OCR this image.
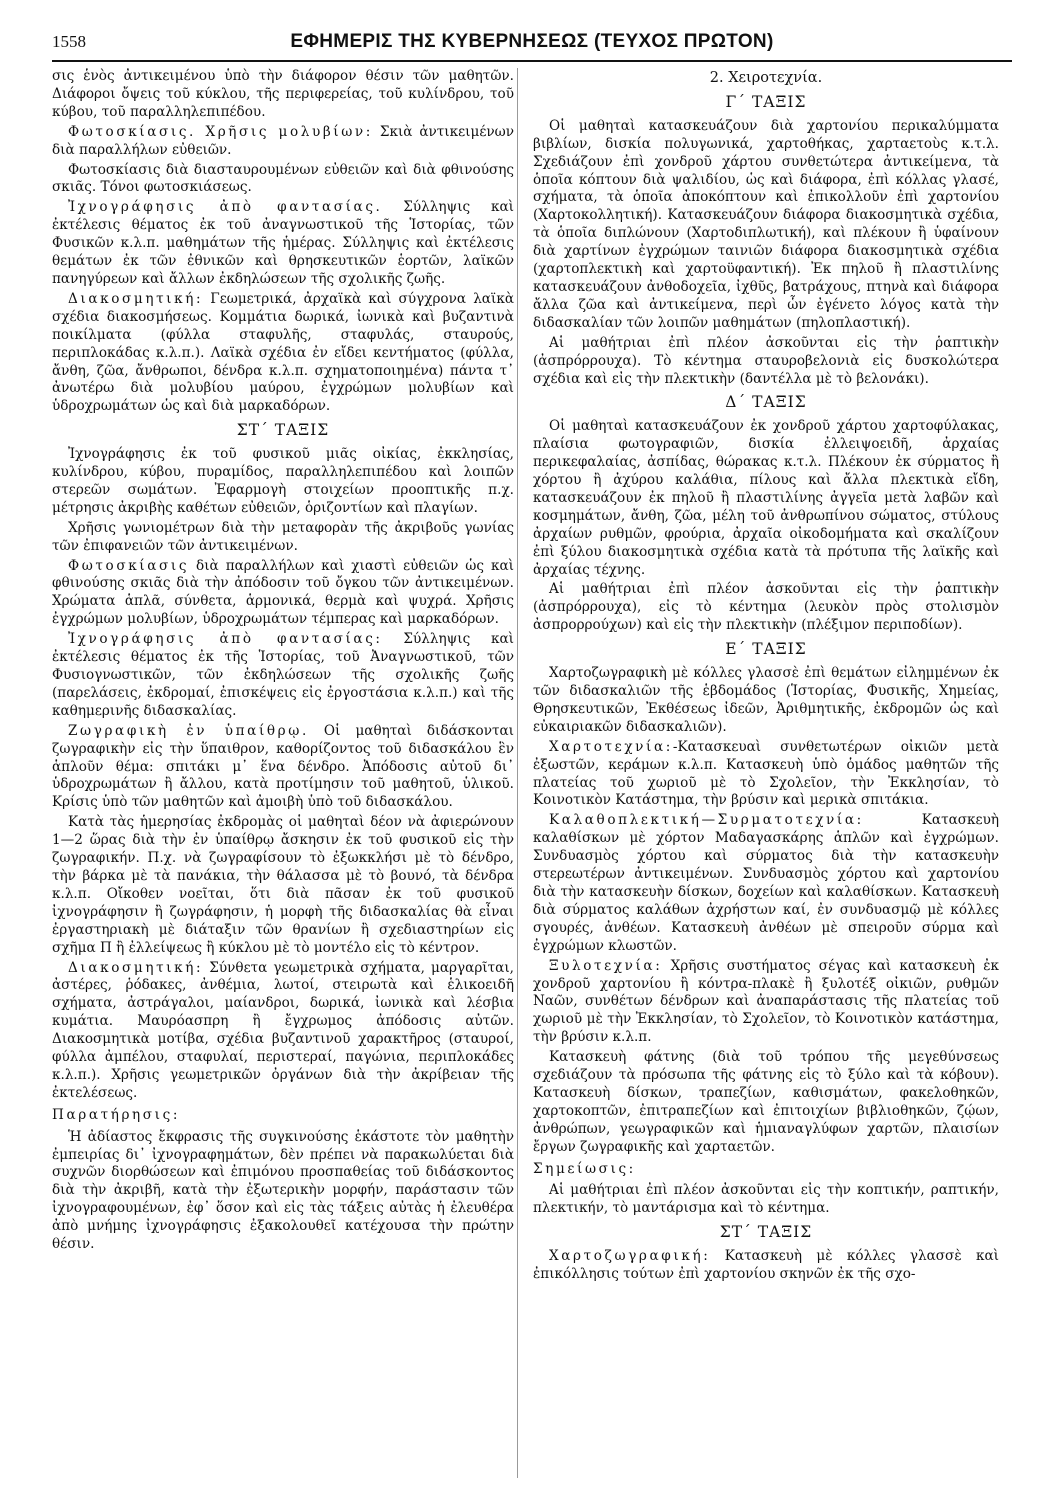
1558	ΕΦΗΜΕΡΙΣ ΤΗΣ ΚΥΒΕΡΝΗΣΕΩΣ (ΤΕΥΧΟΣ ΠΡΩΤΟΝ)

σις ἑνὸς ἀντικειμένου ὑπὸ τὴν διάφορον θέσιν τῶν μαθητῶν. Διάφοροι ὄψεις τοῦ κύκλου, τῆς περιφερείας, τοῦ κυλίνδρου, τοῦ κύβου, τοῦ παραλληλεπιπέδου.

Φωτοσκίασις. Χρῆσις μολυβίων: Σκιὰ ἀντικειμένων διὰ παραλλήλων εὐθειῶν.

Φωτοσκίασις διὰ διασταυρουμένων εὐθειῶν καὶ διὰ φθινούσης σκιᾶς. Τόνοι φωτοσκιάσεως.

Ἰχνογράφησις ἀπὸ φαντασίας. Σύλληψις καὶ ἐκτέλεσις θέματος ἐκ τοῦ ἀναγνωστικοῦ τῆς Ἱστορίας, τῶν Φυσικῶν κ.λ.π. μαθημάτων τῆς ἡμέρας. Σύλληψις καὶ ἐκτέλεσις θεμάτων ἐκ τῶν ἐθνικῶν καὶ θρησκευτικῶν ἑορτῶν, λαϊκῶν πανηγύρεων καὶ ἄλλων ἐκδηλώσεων τῆς σχολικῆς ζωῆς.

Διακοσμητική: Γεωμετρικά, ἀρχαϊκὰ καὶ σύγχρονα λαϊκὰ σχέδια διακοσμήσεως. Κομμάτια δωρικά, ἰωνικὰ καὶ βυζαντινὰ ποικίλματα (φύλλα σταφυλῆς, σταφυλάς, σταυρούς, περιπλοκάδας κ.λ.π.). Λαϊκὰ σχέδια ἐν εἴδει κεντήματος (φύλλα, ἄνθη, ζῶα, ἄνθρωποι, δένδρα κ.λ.π. σχηματοποιημένα) πάντα τ᾽ ἀνωτέρω διὰ μολυβίου μαύρου, ἐγχρώμων μολυβίων καὶ ὑδροχρωμάτων ὡς καὶ διὰ μαρκαδόρων.

ΣΤ΄ ΤΑΞΙΣ

Ἰχνογράφησις ἐκ τοῦ φυσικοῦ μιᾶς οἰκίας, ἐκκλησίας, κυλίνδρου, κύβου, πυραμίδος, παραλληλεπιπέδου καὶ λοιπῶν στερεῶν σωμάτων. Ἐφαρμογὴ στοιχείων προοπτικῆς π.χ. μέτρησις ἀκριβὴς καθέτων εὐθειῶν, ὁριζοντίων καὶ πλαγίων.

Χρῆσις γωνιομέτρων διὰ τὴν μεταφορὰν τῆς ἀκριβοῦς γωνίας τῶν ἐπιφανειῶν τῶν ἀντικειμένων.

Φωτοσκίασις διὰ παραλλήλων καὶ χιαστὶ εὐθειῶν ὡς καὶ φθινούσης σκιᾶς διὰ τὴν ἀπόδοσιν τοῦ ὄγκου τῶν ἀντικειμένων. Χρώματα ἁπλᾶ, σύνθετα, ἁρμονικά, θερμὰ καὶ ψυχρά. Χρῆσις ἐγχρώμων μολυβίων, ὑδροχρωμάτων τέμπερας καὶ μαρκαδόρων.

Ἰχνογράφησις ἀπὸ φαντασίας: Σύλληψις καὶ ἐκτέλεσις θέματος ἐκ τῆς Ἱστορίας, τοῦ Ἀναγνωστικοῦ, τῶν Φυσιογνωστικῶν, τῶν ἐκδηλώσεων τῆς σχολικῆς ζωῆς (παρελάσεις, ἐκδρομαί, ἐπισκέψεις εἰς ἐργοστάσια κ.λ.π.) καὶ τῆς καθημερινῆς διδασκαλίας.

Ζωγραφικὴ ἐν ὑπαίθρῳ. Οἱ μαθηταὶ διδάσκονται ζωγραφικὴν εἰς τὴν ὕπαιθρον, καθορίζοντος τοῦ διδασκάλου ἓν ἁπλοῦν θέμα: σπιτάκι μ᾽ ἕνα δένδρο. Ἀπόδοσις αὐτοῦ δι᾽ ὑδροχρωμάτων ἢ ἄλλου, κατὰ προτίμησιν τοῦ μαθητοῦ, ὑλικοῦ. Κρίσις ὑπὸ τῶν μαθητῶν καὶ ἀμοιβὴ ὑπὸ τοῦ διδασκάλου.

Κατὰ τὰς ἡμερησίας ἐκδρομὰς οἱ μαθηταὶ δέον νὰ ἀφιερώνουν 1—2 ὥρας διὰ τὴν ἐν ὑπαίθρῳ ἄσκησιν ἐκ τοῦ φυσικοῦ εἰς τὴν ζωγραφικήν. Π.χ. νὰ ζωγραφίσουν τὸ ἐξωκκλήσι μὲ τὸ δένδρο, τὴν βάρκα μὲ τὰ πανάκια, τὴν θάλασσα μὲ τὸ βουνό, τὰ δένδρα κ.λ.π. Οἴκοθεν νοεῖται, ὅτι διὰ πᾶσαν ἐκ τοῦ φυσικοῦ ἰχνογράφησιν ἢ ζωγράφησιν, ἡ μορφὴ τῆς διδασκαλίας θὰ εἶναι ἐργαστηριακὴ μὲ διάταξιν τῶν θρανίων ἢ σχεδιαστηρίων εἰς σχῆμα Π ἢ ἐλλείψεως ἢ κύκλου μὲ τὸ μοντέλο εἰς τὸ κέντρον.

Διακοσμητική: Σύνθετα γεωμετρικὰ σχήματα, μαργαρῖται, ἀστέρες, ῥόδακες, ἀνθέμια, λωτοί, στειρωτὰ καὶ ἑλικοειδῆ σχήματα, ἀστράγαλοι, μαίανδροι, δωρικά, ἰωνικὰ καὶ λέσβια κυμάτια. Μαυρόασπρη ἢ ἔγχρωμος ἀπόδοσις αὐτῶν. Διακοσμητικὰ μοτίβα, σχέδια βυζαντινοῦ χαρακτῆρος (σταυροί, φύλλα ἀμπέλου, σταφυλαί, περιστεραί, παγώνια, περιπλοκάδες κ.λ.π.). Χρῆσις γεωμετρικῶν ὀργάνων διὰ τὴν ἀκρίβειαν τῆς ἐκτελέσεως.

Παρατήρησις:

Ἡ ἀδίαστος ἔκφρασις τῆς συγκινούσης ἑκάστοτε τὸν μαθητὴν ἐμπειρίας δι᾽ ἰχνογραφημάτων, δὲν πρέπει νὰ παρακωλύεται διὰ συχνῶν διορθώσεων καὶ ἐπιμόνου προσπαθείας τοῦ διδάσκοντος διὰ τὴν ἀκριβῆ, κατὰ τὴν ἐξωτερικὴν μορφήν, παράστασιν τῶν ἰχνογραφουμένων, ἐφ᾽ ὅσον καὶ εἰς τὰς τάξεις αὐτὰς ἡ ἐλευθέρα ἀπὸ μνήμης ἰχνογράφησις ἐξακολουθεῖ κατέχουσα τὴν πρώτην θέσιν.

2. Χειροτεχνία.
Γ΄ ΤΑΞΙΣ

Οἱ μαθηταὶ κατασκευάζουν διὰ χαρτονίου περικαλύμματα βιβλίων, δισκία πολυγωνικά, χαρτοθήκας, χαρταετοὺς κ.τ.λ. Σχεδιάζουν ἐπὶ χονδροῦ χάρτου συνθετώτερα ἀντικείμενα, τὰ ὁποῖα κόπτουν διὰ ψαλιδίου, ὡς καὶ διάφορα, ἐπὶ κόλλας γλασέ, σχήματα, τὰ ὁποῖα ἀποκόπτουν καὶ ἐπικολλοῦν ἐπὶ χαρτονίου (Χαρτοκολλητική). Κατασκευάζουν διάφορα διακοσμητικὰ σχέδια, τὰ ὁποῖα διπλώνουν (Χαρτοδιπλωτική), καὶ πλέκουν ἢ ὑφαίνουν διὰ χαρτίνων ἐγχρώμων ταινιῶν διάφορα διακοσμητικὰ σχέδια (χαρτοπλεκτικὴ καὶ χαρτοϋφαντική). Ἐκ πηλοῦ ἢ πλαστιλίνης κατασκευάζουν ἀνθοδοχεῖα, ἰχθῦς, βατράχους, πτηνὰ καὶ διάφορα ἄλλα ζῶα καὶ ἀντικείμενα, περὶ ὧν ἐγένετο λόγος κατὰ τὴν διδασκαλίαν τῶν λοιπῶν μαθημάτων (πηλοπλαστική).

Αἱ μαθήτριαι ἐπὶ πλέον ἀσκοῦνται εἰς τὴν ῥαπτικὴν (ἀσπρόρρουχα). Τὸ κέντημα σταυροβελονιὰ εἰς δυσκολώτερα σχέδια καὶ εἰς τὴν πλεκτικὴν (δαντέλλα μὲ τὸ βελονάκι).

Δ΄ ΤΑΞΙΣ

Οἱ μαθηταὶ κατασκευάζουν ἐκ χονδροῦ χάρτου χαρτοφύλακας, πλαίσια φωτογραφιῶν, δισκία ἐλλειψοειδῆ, ἀρχαίας περικεφαλαίας, ἀσπίδας, θώρακας κ.τ.λ. Πλέκουν ἐκ σύρματος ἢ χόρτου ἢ ἀχύρου καλάθια, πίλους καὶ ἄλλα πλεκτικὰ εἴδη, κατασκευάζουν ἐκ πηλοῦ ἢ πλαστιλίνης ἀγγεῖα μετὰ λαβῶν καὶ κοσμημάτων, ἄνθη, ζῶα, μέλη τοῦ ἀνθρωπίνου σώματος, στύλους ἀρχαίων ρυθμῶν, φρούρια, ἀρχαῖα οἰκοδομήματα καὶ σκαλίζουν ἐπὶ ξύλου διακοσμητικὰ σχέδια κατὰ τὰ πρότυπα τῆς λαϊκῆς καὶ ἀρχαίας τέχνης.

Αἱ μαθήτριαι ἐπὶ πλέον ἀσκοῦνται εἰς τὴν ῥαπτικὴν (ἀσπρόρρουχα), εἰς τὸ κέντημα (λευκὸν πρὸς στολισμὸν ἀσπρορρούχων) καὶ εἰς τὴν πλεκτικὴν (πλέξιμον περιποδίων).

Ε΄ ΤΑΞΙΣ

Χαρτοζωγραφικὴ μὲ κόλλες γλασσὲ ἐπὶ θεμάτων εἰλημμένων ἐκ τῶν διδασκαλιῶν τῆς ἑβδομάδος (Ἱστορίας, Φυσικῆς, Χημείας, Θρησκευτικῶν, Ἐκθέσεως ἰδεῶν, Ἀριθμητικῆς, ἐκδρομῶν ὡς καὶ εὐκαιριακῶν διδασκαλιῶν).

Χαρτοτεχνία:-Κατασκευαὶ συνθετωτέρων οἰκιῶν μετὰ ἐξωστῶν, κεράμων κ.λ.π. Κατασκευὴ ὑπὸ ὁμάδος μαθητῶν τῆς πλατείας τοῦ χωριοῦ μὲ τὸ Σχολεῖον, τὴν Ἐκκλησίαν, τὸ Κοινοτικὸν Κατάστημα, τὴν βρύσιν καὶ μερικὰ σπιτάκια.

Καλαθοπλεκτική—Συρματοτεχνία: Κατασκευὴ καλαθίσκων μὲ χόρτον Μαδαγασκάρης ἁπλῶν καὶ ἐγχρώμων. Συνδυασμὸς χόρτου καὶ σύρματος διὰ τὴν κατασκευὴν στερεωτέρων ἀντικειμένων. Συνδυασμὸς χόρτου καὶ χαρτονίου διὰ τὴν κατασκευὴν δίσκων, δοχείων καὶ καλαθίσκων. Κατασκευὴ διὰ σύρματος καλάθων ἀχρήστων καί, ἐν συνδυασμῷ μὲ κόλλες σγουρές, ἀνθέων. Κατασκευὴ ἀνθέων μὲ σπειροῦν σύρμα καὶ ἐγχρώμων κλωστῶν.

Ξυλοτεχνία: Χρῆσις συστήματος σέγας καὶ κατασκευὴ ἐκ χονδροῦ χαρτονίου ἢ κόντρα-πλακὲ ἢ ξυλοτέξ οἰκιῶν, ρυθμῶν Ναῶν, συνθέτων δένδρων καὶ ἀναπαράστασις τῆς πλατείας τοῦ χωριοῦ μὲ τὴν Ἐκκλησίαν, τὸ Σχολεῖον, τὸ Κοινοτικὸν κατάστημα, τὴν βρύσιν κ.λ.π.

Κατασκευὴ φάτνης (διὰ τοῦ τρόπου τῆς μεγεθύνσεως σχεδιάζουν τὰ πρόσωπα τῆς φάτνης εἰς τὸ ξύλο καὶ τὰ κόβουν). Κατασκευὴ δίσκων, τραπεζίων, καθισμάτων, φακελοθηκῶν, χαρτοκοπτῶν, ἐπιτραπεζίων καὶ ἐπιτοιχίων βιβλιοθηκῶν, ζῴων, ἀνθρώπων, γεωγραφικῶν καὶ ἡμιαναγλύφων χαρτῶν, πλαισίων ἔργων ζωγραφικῆς καὶ χαρταετῶν.

Σημείωσις:

Αἱ μαθήτριαι ἐπὶ πλέον ἀσκοῦνται εἰς τὴν κοπτικήν, ραπτικήν, πλεκτικήν, τὸ μαντάρισμα καὶ τὸ κέντημα.

ΣΤ΄ ΤΑΞΙΣ

Χαρτοζωγραφική: Κατασκευὴ μὲ κόλλες γλασσὲ καὶ ἐπικόλλησις τούτων ἐπὶ χαρτονίου σκηνῶν ἐκ τῆς σχο-
